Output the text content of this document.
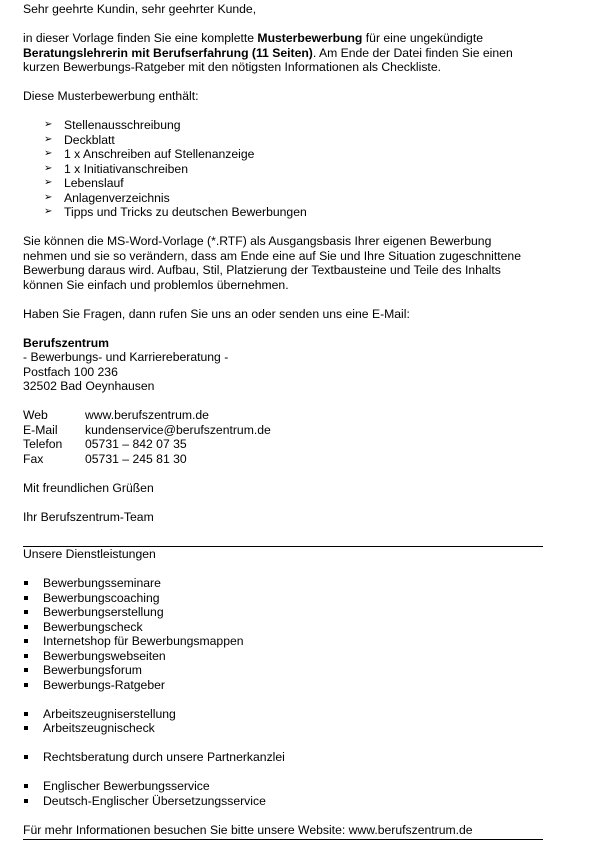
Sehr geehrte Kundin, sehr geehrter Kunde,
in dieser Vorlage finden Sie eine komplette Musterbewerbung für eine ungekündigte
Beratungslehrerin mit Berufserfahrung (11 Seiten). Am Ende der Datei finden Sie einen
kurzen Bewerbungs-Ratgeber mit den nötigsten Informationen als Checkliste.
Diese Musterbewerbung enthält:
➢ Stellenausschreibung
➢ Deckblatt
➢ 1 x Anschreiben auf Stellenanzeige
➢ 1 x Initiativanschreiben
➢ Lebenslauf
➢ Anlagenverzeichnis
➢ Tipps und Tricks zu deutschen Bewerbungen
Sie können die MS-Word-Vorlage (*.RTF) als Ausgangsbasis Ihrer eigenen Bewerbung
nehmen und sie so verändern, dass am Ende eine auf Sie und Ihre Situation zugeschnittene
Bewerbung daraus wird. Aufbau, Stil, Platzierung der Textbausteine und Teile des Inhalts
können Sie einfach und problemlos übernehmen.
Haben Sie Fragen, dann rufen Sie uns an oder senden uns eine E-Mail:
Berufszentrum
- Bewerbungs- und Karriereberatung -
Postfach 100 236
32502 Bad Oeynhausen
Web	www.berufszentrum.de
E-Mail	kundenservice@berufszentrum.de
Telefon	05731 – 842 07 35
Fax	05731 – 245 81 30
Mit freundlichen Grüßen
Ihr Berufszentrum-Team
Unsere Dienstleistungen
Bewerbungsseminare
Bewerbungscoaching
Bewerbungserstellung
Bewerbungscheck
Internetshop für Bewerbungsmappen
Bewerbungswebseiten
Bewerbungsforum
Bewerbungs-Ratgeber
Arbeitszeugniserstellung
Arbeitszeugnischeck
Rechtsberatung durch unsere Partnerkanzlei
Englischer Bewerbungsservice
Deutsch-Englischer Übersetzungsservice
Für mehr Informationen besuchen Sie bitte unsere Website: www.berufszentrum.de
